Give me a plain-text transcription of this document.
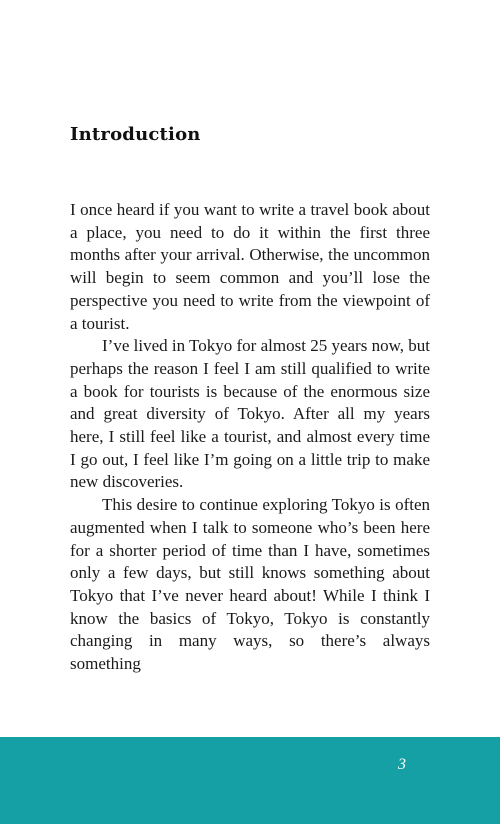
Introduction

I once heard if you want to write a travel book about a place, you need to do it within the first three months after your arrival. Otherwise, the uncommon will begin to seem common and you’ll lose the perspective you need to write from the viewpoint of a tourist.

I’ve lived in Tokyo for almost 25 years now, but perhaps the reason I feel I am still qualified to write a book for tourists is because of the enormous size and great diversity of Tokyo. After all my years here, I still feel like a tourist, and almost every time I go out, I feel like I’m going on a little trip to make new discoveries.

This desire to continue exploring Tokyo is often augmented when I talk to someone who’s been here for a shorter period of time than I have, sometimes only a few days, but still knows something about Tokyo that I’ve never heard about! While I think I know the basics of Tokyo, Tokyo is constantly changing in many ways, so there’s always something

3
